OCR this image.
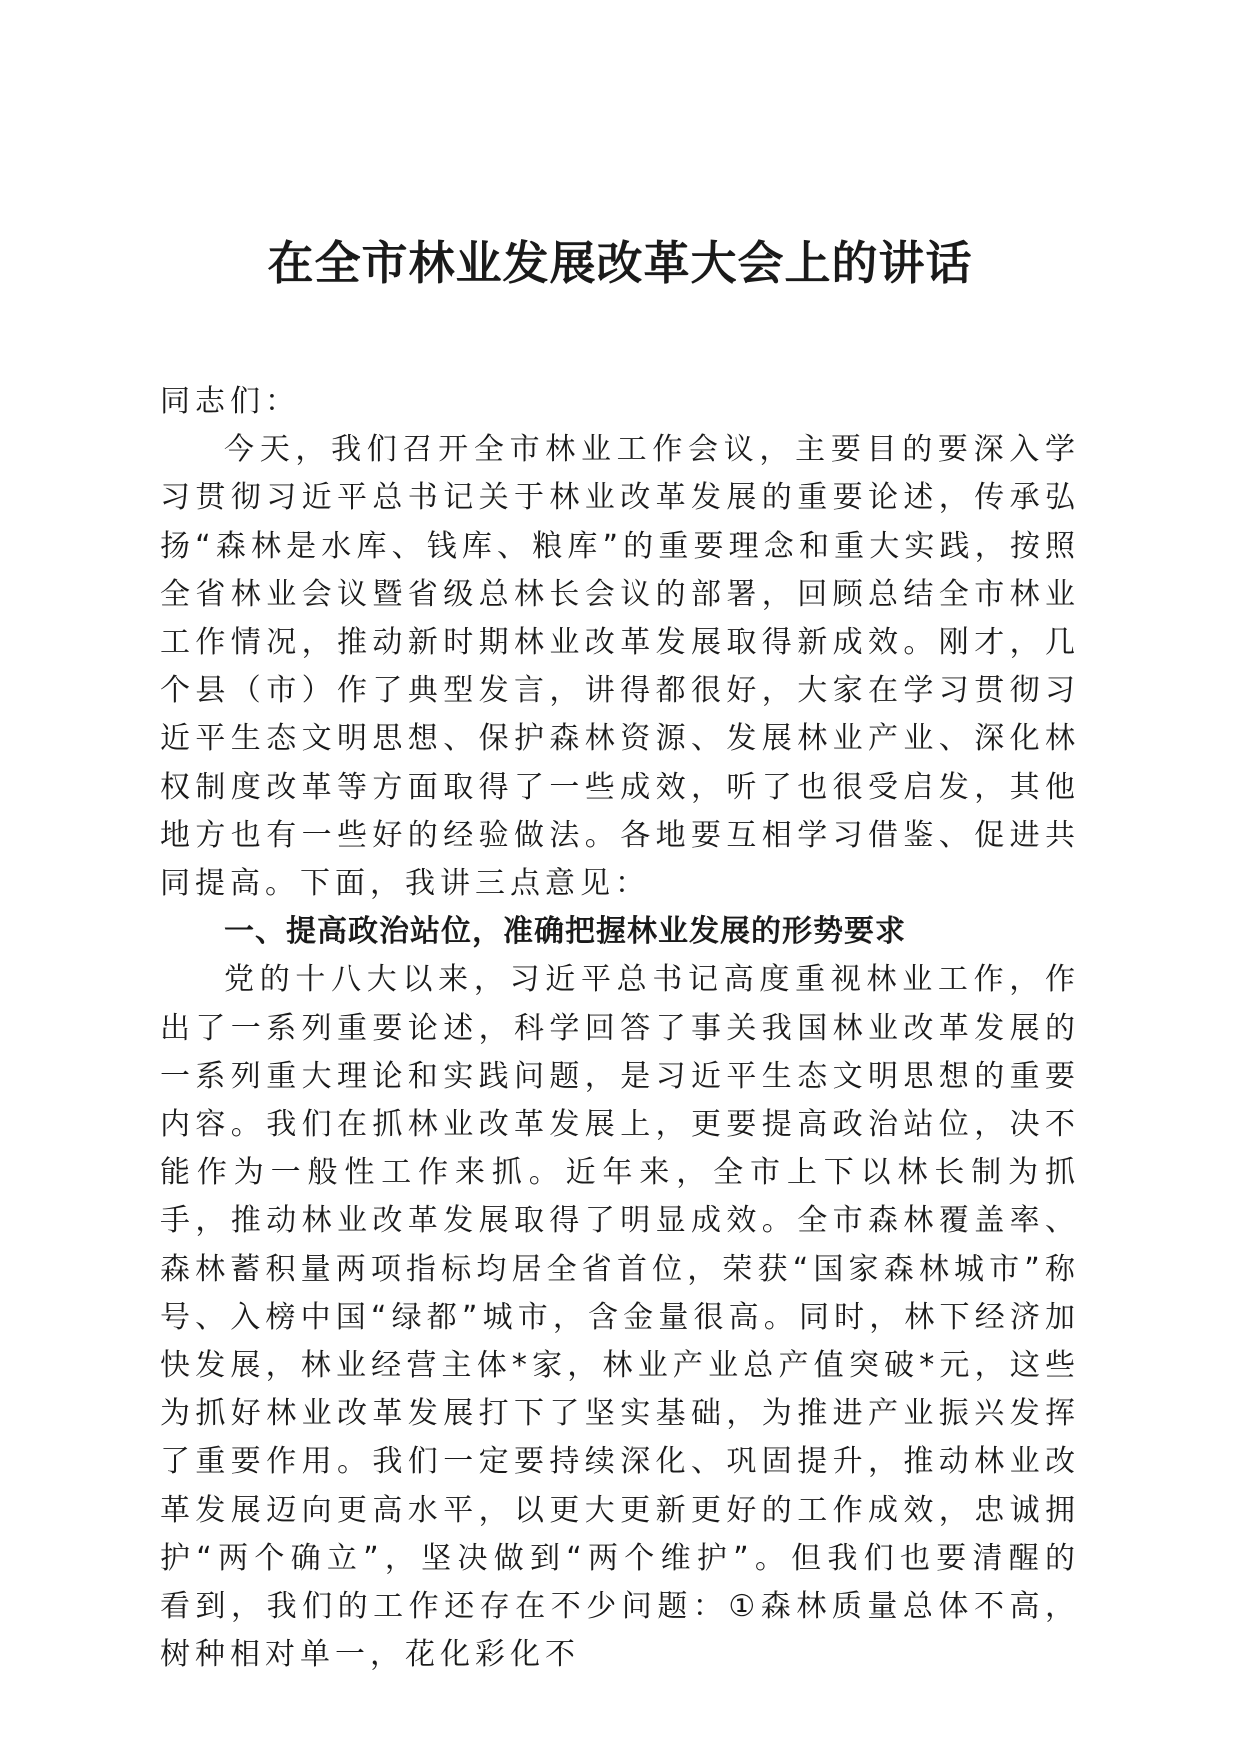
在全市林业发展改革大会上的讲话

同志们：

今天，我们召开全市林业工作会议，主要目的要深入学习贯彻习近平总书记关于林业改革发展的重要论述，传承弘扬“森林是水库、钱库、粮库”的重要理念和重大实践，按照全省林业会议暨省级总林长会议的部署，回顾总结全市林业工作情况，推动新时期林业改革发展取得新成效。刚才，几个县（市）作了典型发言，讲得都很好，大家在学习贯彻习近平生态文明思想、保护森林资源、发展林业产业、深化林权制度改革等方面取得了一些成效，听了也很受启发，其他地方也有一些好的经验做法。各地要互相学习借鉴、促进共同提高。下面，我讲三点意见：

一、提高政治站位，准确把握林业发展的形势要求

党的十八大以来，习近平总书记高度重视林业工作，作出了一系列重要论述，科学回答了事关我国林业改革发展的一系列重大理论和实践问题，是习近平生态文明思想的重要内容。我们在抓林业改革发展上，更要提高政治站位，决不能作为一般性工作来抓。近年来，全市上下以林长制为抓手，推动林业改革发展取得了明显成效。全市森林覆盖率、森林蓄积量两项指标均居全省首位，荣获“国家森林城市”称号、入榜中国“绿都”城市，含金量很高。同时，林下经济加快发展，林业经营主体*家，林业产业总产值突破*元，这些为抓好林业改革发展打下了坚实基础，为推进产业振兴发挥了重要作用。我们一定要持续深化、巩固提升，推动林业改革发展迈向更高水平，以更大更新更好的工作成效，忠诚拥护“两个确立”，坚决做到“两个维护”。但我们也要清醒的看到，我们的工作还存在不少问题：①森林质量总体不高，树种相对单一，花化彩化不
